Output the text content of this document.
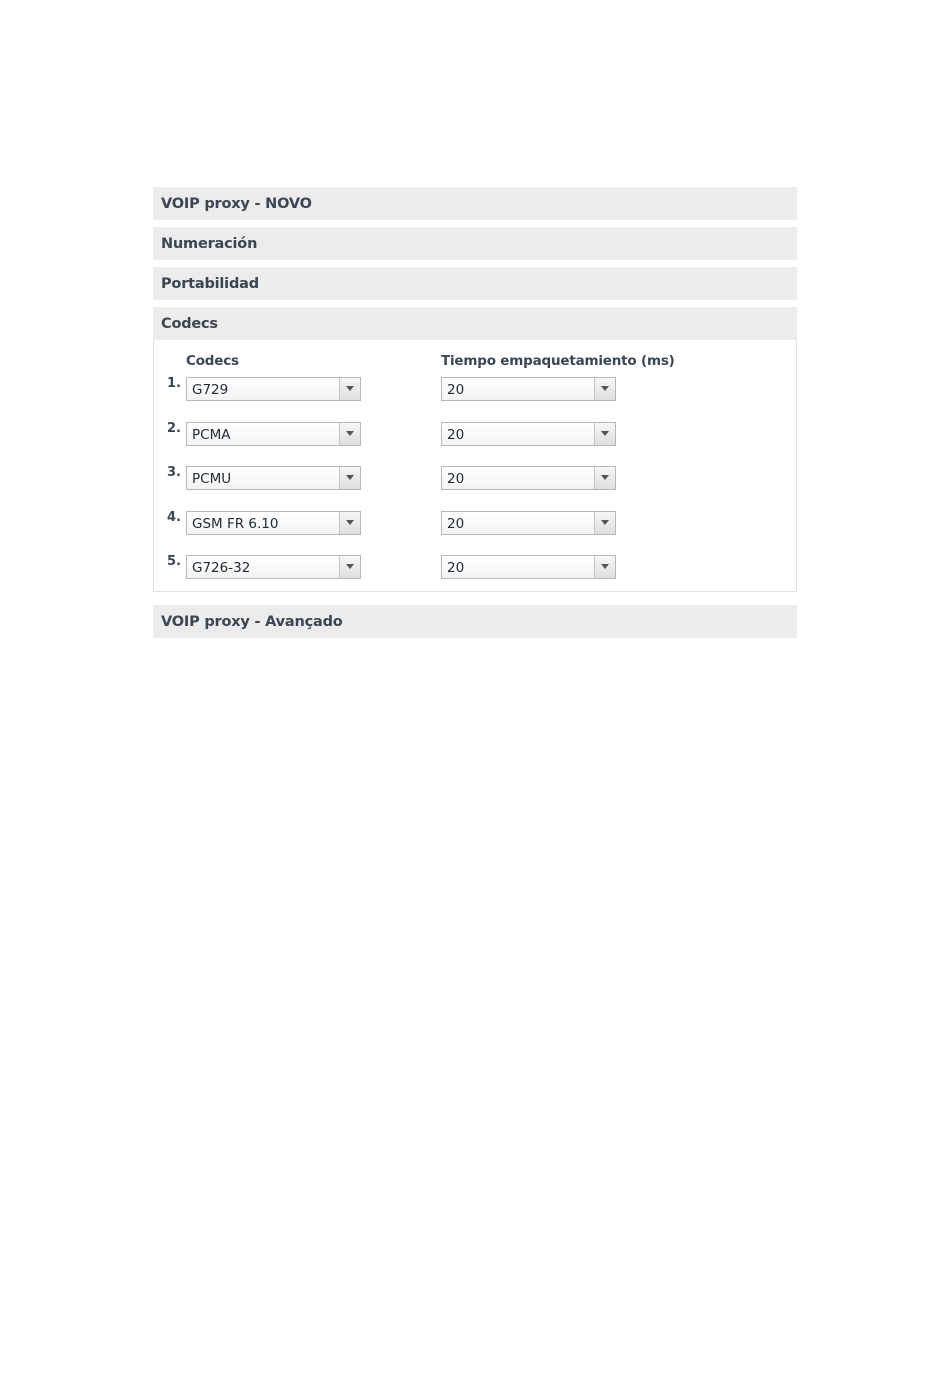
VOIP proxy - NOVO
Numeración
Portabilidad
Codecs
Codecs	Tiempo empaquetamiento (ms)
1. G729	20
2. PCMA	20
3. PCMU	20
4. GSM FR 6.10	20
5. G726-32	20
VOIP proxy - Avançado
